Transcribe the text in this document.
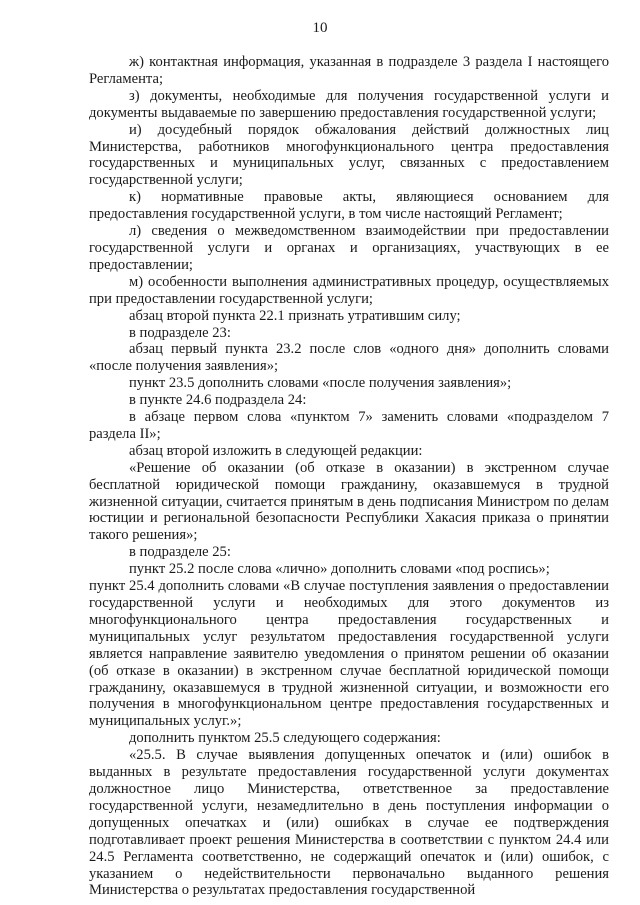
10

ж) контактная информация, указанная в подразделе 3 раздела I настоящего Регламента;

з) документы, необходимые для получения государственной услуги и документы выдаваемые по завершению предоставления государственной услуги;

и) досудебный порядок обжалования действий должностных лиц Министерства, работников многофункционального центра предоставления государственных и муниципальных услуг, связанных с предоставлением государственной услуги;

к) нормативные правовые акты, являющиеся основанием для предоставления государственной услуги, в том числе настоящий Регламент;

л) сведения о межведомственном взаимодействии при предоставлении государственной услуги и органах и организациях, участвующих в ее предоставлении;

м) особенности выполнения административных процедур, осуществляемых при предоставлении государственной услуги;

абзац второй пункта 22.1 признать утратившим силу;

в подразделе 23:

абзац первый пункта 23.2 после слов «одного дня» дополнить словами «после получения заявления»;

пункт 23.5 дополнить словами «после получения заявления»;

в пункте 24.6 подраздела 24:

в абзаце первом слова «пунктом 7» заменить словами «подразделом 7 раздела II»;

абзац второй изложить в следующей редакции:

«Решение об оказании (об отказе в оказании) в экстренном случае бесплатной юридической помощи гражданину, оказавшемуся в трудной жизненной ситуации, считается принятым в день подписания Министром по делам юстиции и региональной безопасности Республики Хакасия приказа о принятии такого решения»;

в подразделе 25:

пункт 25.2 после слова «лично» дополнить словами «под роспись»;

пункт 25.4 дополнить словами «В случае поступления заявления о предоставлении государственной услуги и необходимых для этого документов из многофункционального центра предоставления государственных и муниципальных услуг результатом предоставления государственной услуги является направление заявителю уведомления о принятом решении об оказании (об отказе в оказании) в экстренном случае бесплатной юридической помощи гражданину, оказавшемуся в трудной жизненной ситуации, и возможности его получения в многофункциональном центре предоставления государственных и муниципальных услуг.»;

дополнить пунктом 25.5 следующего содержания:

«25.5. В случае выявления допущенных опечаток и (или) ошибок в выданных в результате предоставления государственной услуги документах должностное лицо Министерства, ответственное за предоставление государственной услуги, незамедлительно в день поступления информации о допущенных опечатках и (или) ошибках в случае ее подтверждения подготавливает проект решения Министерства в соответствии с пунктом 24.4 или 24.5 Регламента соответственно, не содержащий опечаток и (или) ошибок, с указанием о недействительности первоначально выданного решения Министерства о результатах предоставления государственной
